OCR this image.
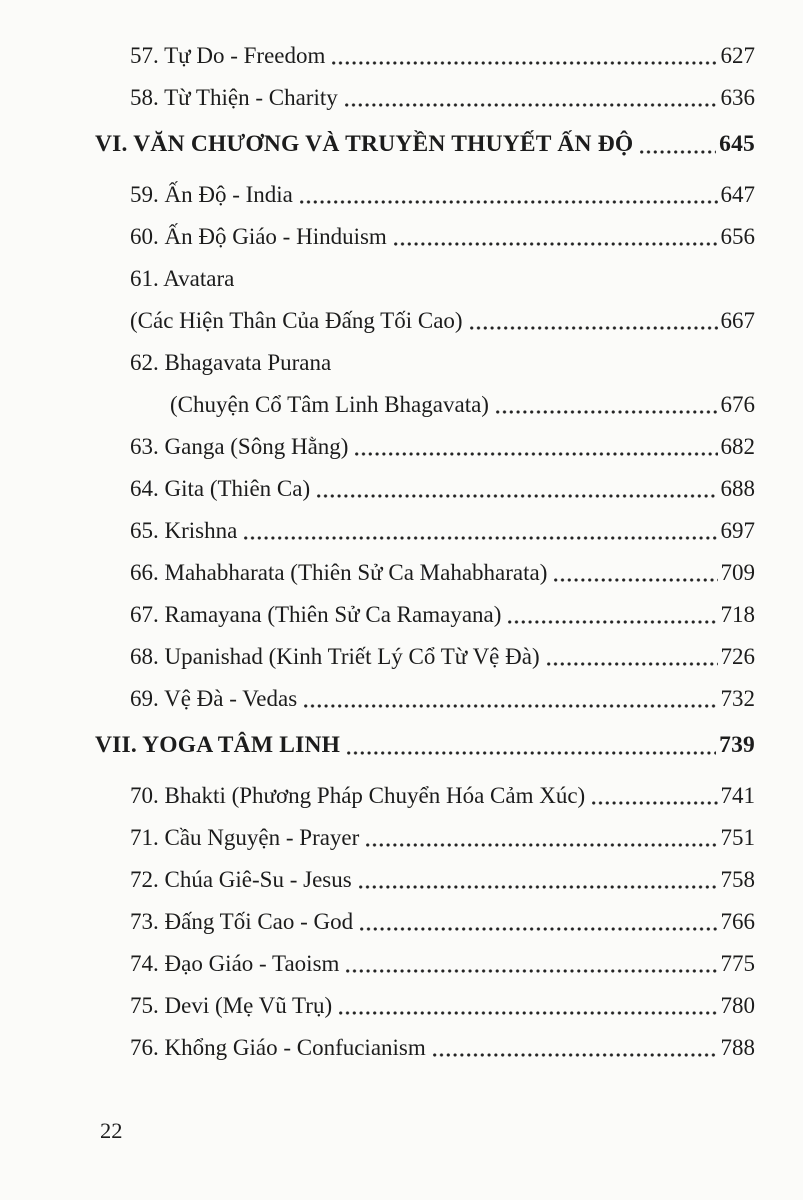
57. Tự Do - Freedom	627
58. Từ Thiện - Charity	636
VI. VĂN CHƯƠNG VÀ TRUYỀN THUYẾT ẤN ĐỘ	645
59. Ấn Độ - India	647
60. Ấn Độ Giáo - Hinduism	656
61. Avatara
(Các Hiện Thân Của Đấng Tối Cao)	667
62. Bhagavata Purana
(Chuyện Cổ Tâm Linh Bhagavata)	676
63. Ganga (Sông Hằng)	682
64. Gita (Thiên Ca)	688
65. Krishna	697
66. Mahabharata (Thiên Sử Ca Mahabharata)	709
67. Ramayana (Thiên Sử Ca Ramayana)	718
68. Upanishad (Kinh Triết Lý Cổ Từ Vệ Đà)	726
69. Vệ Đà - Vedas	732
VII. YOGA TÂM LINH	739
70. Bhakti (Phương Pháp Chuyển Hóa Cảm Xúc)	741
71. Cầu Nguyện - Prayer	751
72. Chúa Giê-Su - Jesus	758
73. Đấng Tối Cao - God	766
74. Đạo Giáo - Taoism	775
75. Devi (Mẹ Vũ Trụ)	780
76. Khổng Giáo - Confucianism	788
22
